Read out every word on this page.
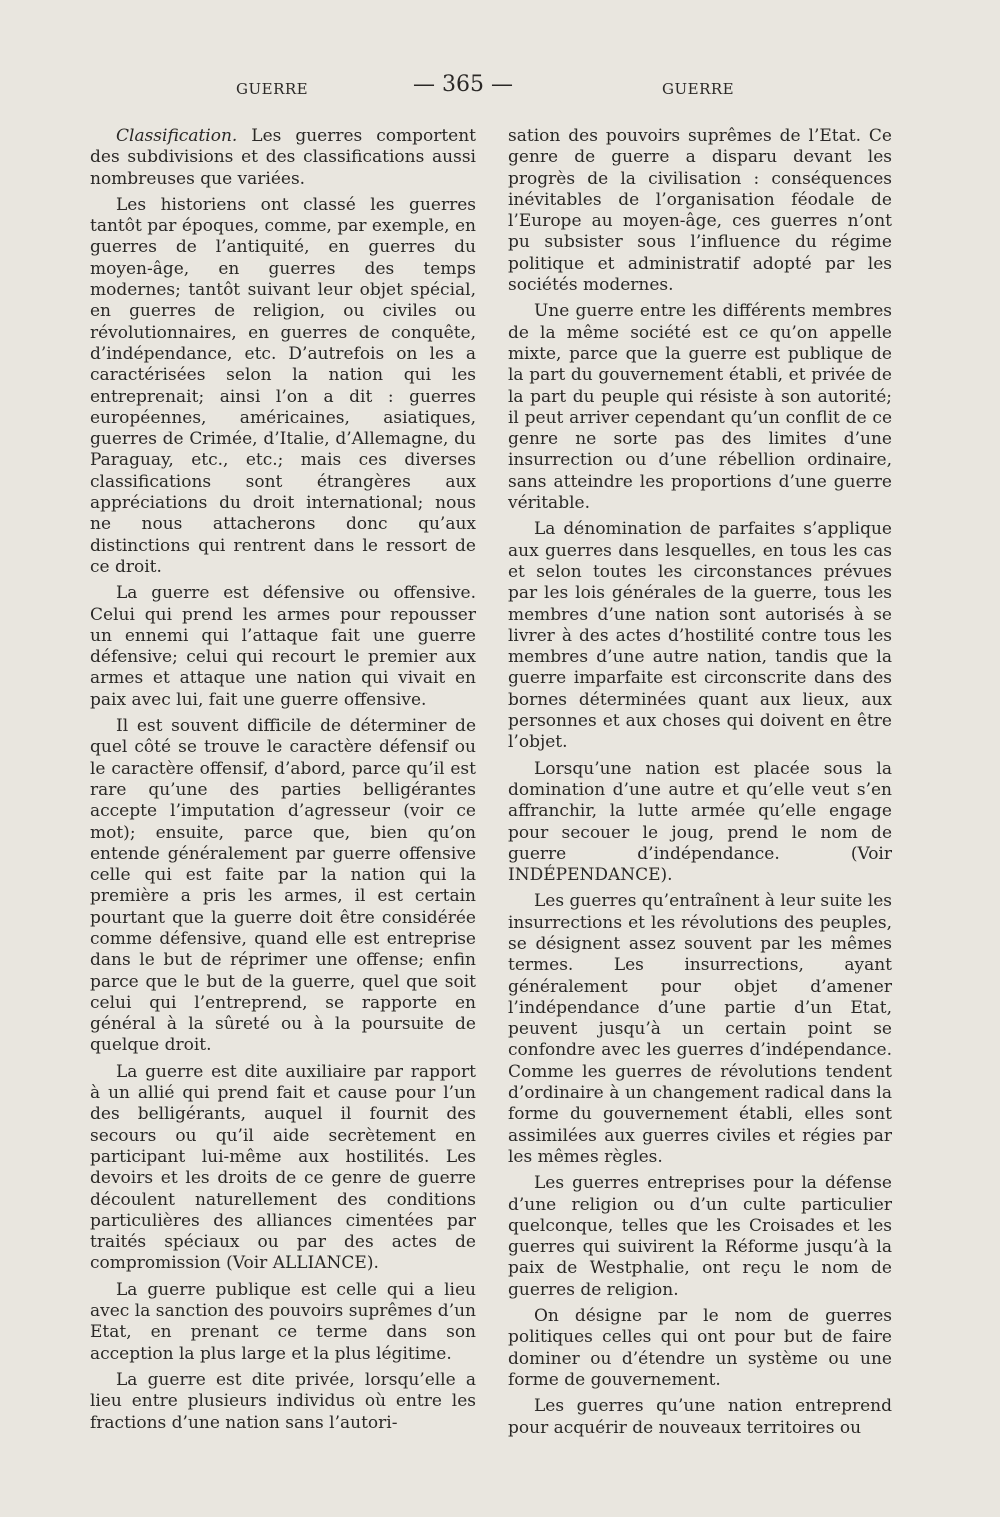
GUERRE	— 365 —	GUERRE

Classification. Les guerres comportent des subdivisions et des classifications aussi nombreuses que variées.

Les historiens ont classé les guerres tantôt par époques, comme, par exemple, en guerres de l’antiquité, en guerres du moyen-âge, en guerres des temps modernes; tantôt suivant leur objet spécial, en guerres de religion, ou civiles ou révolutionnaires, en guerres de conquête, d’indépendance, etc. D’autrefois on les a caractérisées selon la nation qui les entreprenait; ainsi l’on a dit : guerres européennes, américaines, asiatiques, guerres de Crimée, d’Italie, d’Allemagne, du Paraguay, etc., etc.; mais ces diverses classifications sont étrangères aux appréciations du droit international; nous ne nous attacherons donc qu’aux distinctions qui rentrent dans le ressort de ce droit.

La guerre est défensive ou offensive. Celui qui prend les armes pour repousser un ennemi qui l’attaque fait une guerre défensive; celui qui recourt le premier aux armes et attaque une nation qui vivait en paix avec lui, fait une guerre offensive.

Il est souvent difficile de déterminer de quel côté se trouve le caractère défensif ou le caractère offensif, d’abord, parce qu’il est rare qu’une des parties belligérantes accepte l’imputation d’agresseur (voir ce mot); ensuite, parce que, bien qu’on entende généralement par guerre offensive celle qui est faite par la nation qui la première a pris les armes, il est certain pourtant que la guerre doit être considérée comme défensive, quand elle est entreprise dans le but de réprimer une offense; enfin parce que le but de la guerre, quel que soit celui qui l’entreprend, se rapporte en général à la sûreté ou à la poursuite de quelque droit.

La guerre est dite auxiliaire par rapport à un allié qui prend fait et cause pour l’un des belligérants, auquel il fournit des secours ou qu’il aide secrètement en participant lui-même aux hostilités. Les devoirs et les droits de ce genre de guerre découlent naturellement des conditions particulières des alliances cimentées par traités spéciaux ou par des actes de compromission (Voir ALLIANCE).

La guerre publique est celle qui a lieu avec la sanction des pouvoirs suprêmes d’un Etat, en prenant ce terme dans son acception la plus large et la plus légitime.

La guerre est dite privée, lorsqu’elle a lieu entre plusieurs individus où entre les fractions d’une nation sans l’autori-

sation des pouvoirs suprêmes de l’Etat. Ce genre de guerre a disparu devant les progrès de la civilisation : conséquences inévitables de l’organisation féodale de l’Europe au moyen-âge, ces guerres n’ont pu subsister sous l’influence du régime politique et administratif adopté par les sociétés modernes.

Une guerre entre les différents membres de la même société est ce qu’on appelle mixte, parce que la guerre est publique de la part du gouvernement établi, et privée de la part du peuple qui résiste à son autorité; il peut arriver cependant qu’un conflit de ce genre ne sorte pas des limites d’une insurrection ou d’une rébellion ordinaire, sans atteindre les proportions d’une guerre véritable.

La dénomination de parfaites s’applique aux guerres dans lesquelles, en tous les cas et selon toutes les circonstances prévues par les lois générales de la guerre, tous les membres d’une nation sont autorisés à se livrer à des actes d’hostilité contre tous les membres d’une autre nation, tandis que la guerre imparfaite est circonscrite dans des bornes déterminées quant aux lieux, aux personnes et aux choses qui doivent en être l’objet.

Lorsqu’une nation est placée sous la domination d’une autre et qu’elle veut s’en affranchir, la lutte armée qu’elle engage pour secouer le joug, prend le nom de guerre d’indépendance. (Voir INDÉPENDANCE).

Les guerres qu’entraînent à leur suite les insurrections et les révolutions des peuples, se désignent assez souvent par les mêmes termes. Les insurrections, ayant généralement pour objet d’amener l’indépendance d’une partie d’un Etat, peuvent jusqu’à un certain point se confondre avec les guerres d’indépendance. Comme les guerres de révolutions tendent d’ordinaire à un changement radical dans la forme du gouvernement établi, elles sont assimilées aux guerres civiles et régies par les mêmes règles.

Les guerres entreprises pour la défense d’une religion ou d’un culte particulier quelconque, telles que les Croisades et les guerres qui suivirent la Réforme jusqu’à la paix de Westphalie, ont reçu le nom de guerres de religion.

On désigne par le nom de guerres politiques celles qui ont pour but de faire dominer ou d’étendre un système ou une forme de gouvernement.

Les guerres qu’une nation entreprend pour acquérir de nouveaux territoires ou
